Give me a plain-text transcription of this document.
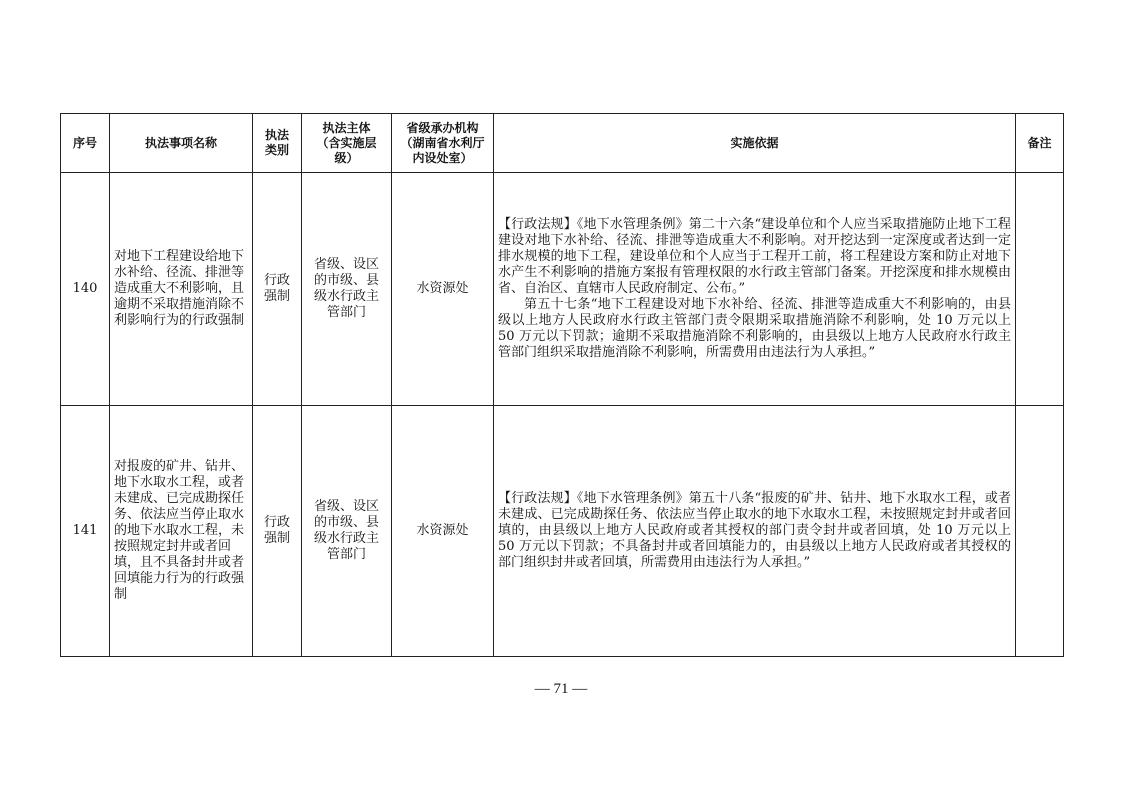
序号	执法事项名称	执法类别	执法主体（含实施层级）	省级承办机构（湖南省水利厅内设处室）	实施依据	备注
140	对地下工程建设给地下水补给、径流、排泄等造成重大不利影响，且逾期不采取措施消除不利影响行为的行政强制	行政强制	省级、设区的市级、县级水行政主管部门	水资源处	【行政法规】《地下水管理条例》第二十六条“建设单位和个人应当采取措施防止地下工程建设对地下水补给、径流、排泄等造成重大不利影响。对开挖达到一定深度或者达到一定排水规模的地下工程，建设单位和个人应当于工程开工前，将工程建设方案和防止对地下水产生不利影响的措施方案报有管理权限的水行政主管部门备案。开挖深度和排水规模由省、自治区、直辖市人民政府制定、公布。”

第五十七条“地下工程建设对地下水补给、径流、排泄等造成重大不利影响的，由县级以上地方人民政府水行政主管部门责令限期采取措施消除不利影响，处 10 万元以上 50 万元以下罚款；逾期不采取措施消除不利影响的，由县级以上地方人民政府水行政主管部门组织采取措施消除不利影响，所需费用由违法行为人承担。”	

141	对报废的矿井、钻井、地下水取水工程，或者未建成、已完成勘探任务、依法应当停止取水的地下水取水工程，未按照规定封井或者回填，且不具备封井或者回填能力行为的行政强制	行政强制	省级、设区的市级、县级水行政主管部门	水资源处	【行政法规】《地下水管理条例》第五十八条“报废的矿井、钻井、地下水取水工程，或者未建成、已完成勘探任务、依法应当停止取水的地下水取水工程，未按照规定封井或者回填的，由县级以上地方人民政府或者其授权的部门责令封井或者回填，处 10 万元以上 50 万元以下罚款；不具备封井或者回填能力的，由县级以上地方人民政府或者其授权的部门组织封井或者回填，所需费用由违法行为人承担。”	

— 71 —
